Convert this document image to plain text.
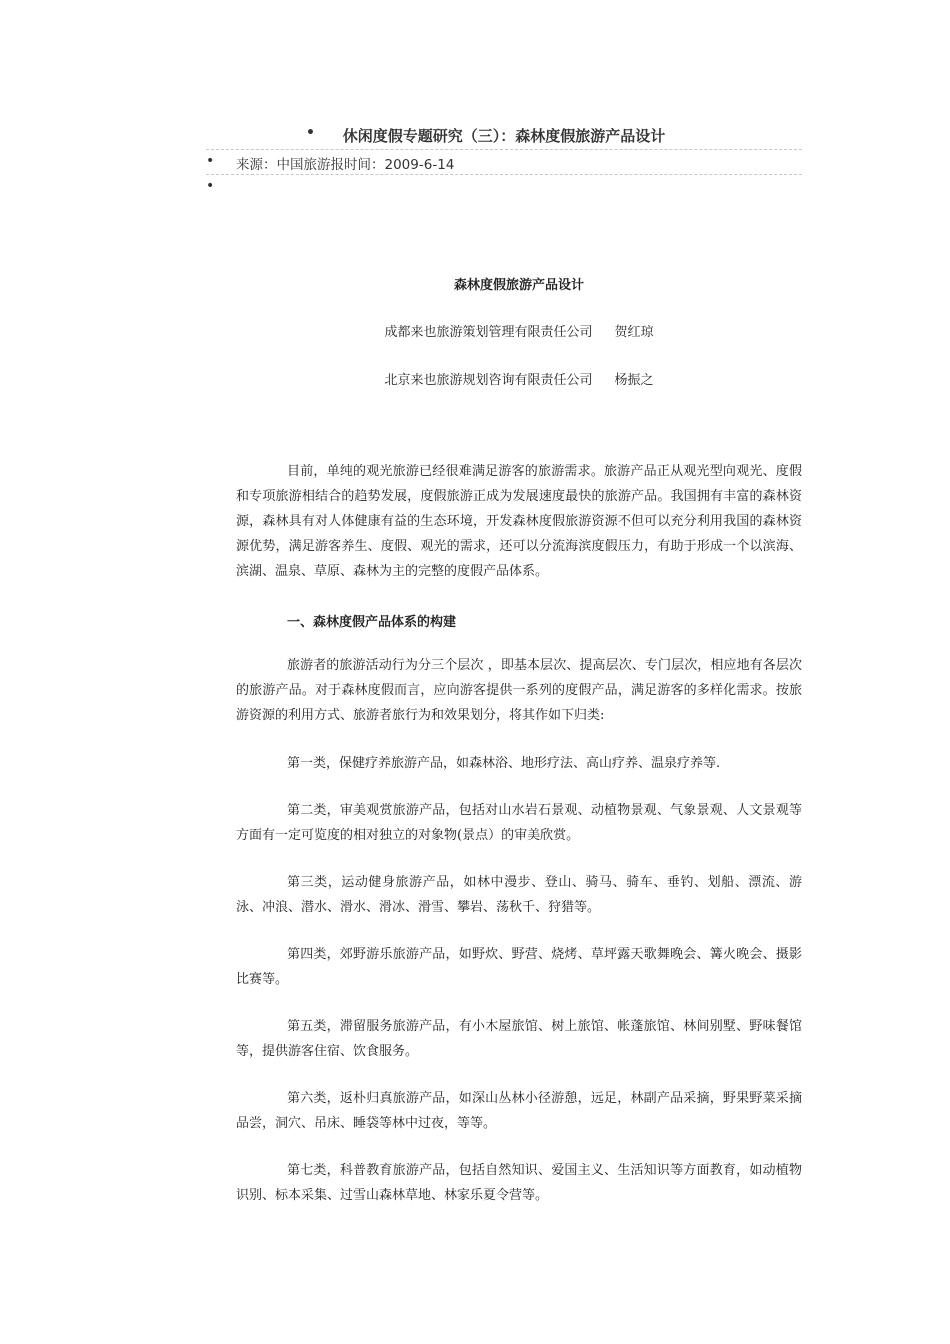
• 休闲度假专题研究（三）：森林度假旅游产品设计
• 来源：中国旅游报时间：2009-6-14
•
森林度假旅游产品设计
成都来也旅游策划管理有限责任公司 贺红琼
北京来也旅游规划咨询有限责任公司 杨振之

目前，单纯的观光旅游已经很难满足游客的旅游需求。旅游产品正从观光型向观光、度假和专项旅游相结合的趋势发展，度假旅游正成为发展速度最快的旅游产品。我国拥有丰富的森林资源，森林具有对人体健康有益的生态环境，开发森林度假旅游资源不但可以充分利用我国的森林资源优势，满足游客养生、度假、观光的需求，还可以分流海滨度假压力，有助于形成一个以滨海、滨湖、温泉、草原、森林为主的完整的度假产品体系。

一、森林度假产品体系的构建

旅游者的旅游活动行为分三个层次 ，即基本层次、提高层次、专门层次，相应地有各层次的旅游产品。对于森林度假而言，应向游客提供一系列的度假产品，满足游客的多样化需求。按旅游资源的利用方式、旅游者旅行为和效果划分，将其作如下归类:

第一类，保健疗养旅游产品，如森林浴、地形疗法、高山疗养、温泉疗养等.

第二类，审美观赏旅游产品，包括对山水岩石景观、动植物景观、气象景观、人文景观等方面有一定可览度的相对独立的对象物(景点）的审美欣赏。

第三类，运动健身旅游产品，如林中漫步、登山、骑马、骑车、垂钓、划船、漂流、游泳、冲浪、潜水、滑水、滑冰、滑雪、攀岩、荡秋千、狩猎等。

第四类，郊野游乐旅游产品，如野炊、野营、烧烤、草坪露天歌舞晚会、篝火晚会、摄影比赛等。

第五类，滞留服务旅游产品，有小木屋旅馆、树上旅馆、帐蓬旅馆、林间别墅、野味餐馆等，提供游客住宿、饮食服务。

第六类，返朴归真旅游产品，如深山丛林小径游憩，远足，林副产品采摘，野果野菜采摘品尝，洞穴、吊床、睡袋等林中过夜，等等。

第七类，科普教育旅游产品，包括自然知识、爱国主义、生活知识等方面教育，如动植物识别、标本采集、过雪山森林草地、林家乐夏令营等。
